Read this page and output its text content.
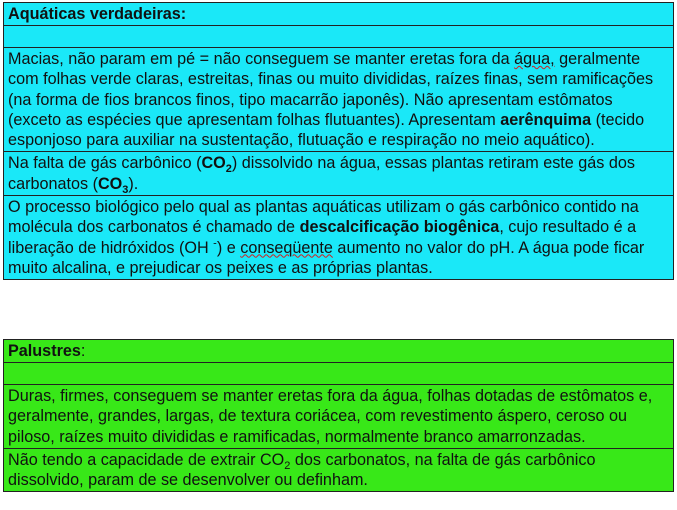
Aquáticas verdadeiras:
Macias, não param em pé = não conseguem se manter eretas fora da água, geralmente com folhas verde claras, estreitas, finas ou muito divididas, raízes finas, sem ramificações (na forma de fios brancos finos, tipo macarrão japonês). Não apresentam estômatos (exceto as espécies que apresentam folhas flutuantes). Apresentam aerênquima (tecido esponjoso para auxiliar na sustentação, flutuação e respiração no meio aquático).
Na falta de gás carbônico $(CO_2)$ dissolvido na água, essas plantas retiram este gás dos carbonatos $(CO_3)$.
O processo biológico pelo qual as plantas aquáticas utilizam o gás carbônico contido na molécula dos carbonatos é chamado de descalcificação biogênica, cujo resultado é a liberação de hidróxidos (OH -) e conseqüente aumento no valor do pH. A água pode ficar muito alcalina, e prejudicar os peixes e as próprias plantas.
Palustres:
Duras, firmes, conseguem se manter eretas fora da água, folhas dotadas de estômatos e, geralmente, grandes, largas, de textura coriácea, com revestimento áspero, ceroso ou piloso, raízes muito divididas e ramificadas, normalmente branco amarronzadas.
Não tendo a capacidade de extrair $CO_2$ dos carbonatos, na falta de gás carbônico dissolvido, param de se desenvolver ou definham.
